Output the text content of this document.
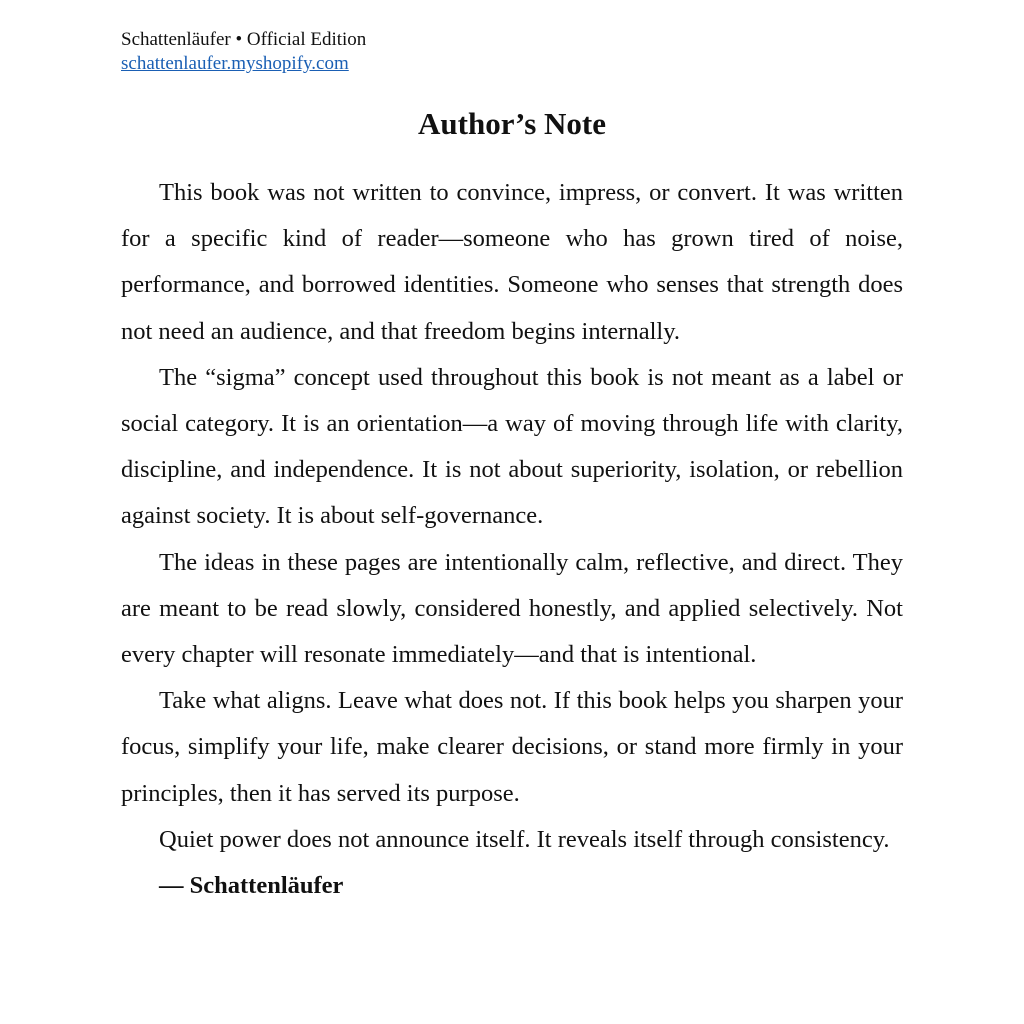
Schattenläufer • Official Edition
schattenlaufer.myshopify.com
Author’s Note

This book was not written to convince, impress, or convert. It was written for a specific kind of reader—someone who has grown tired of noise, performance, and borrowed identities. Someone who senses that strength does not need an audience, and that freedom begins internally.

The “sigma” concept used throughout this book is not meant as a label or social category. It is an orientation—a way of moving through life with clarity, discipline, and independence. It is not about superiority, isolation, or rebellion against society. It is about self-governance.

The ideas in these pages are intentionally calm, reflective, and direct. They are meant to be read slowly, considered honestly, and applied selectively. Not every chapter will resonate immediately—and that is intentional.

Take what aligns. Leave what does not. If this book helps you sharpen your focus, simplify your life, make clearer decisions, or stand more firmly in your principles, then it has served its purpose.

Quiet power does not announce itself. It reveals itself through consistency.

— Schattenläufer
